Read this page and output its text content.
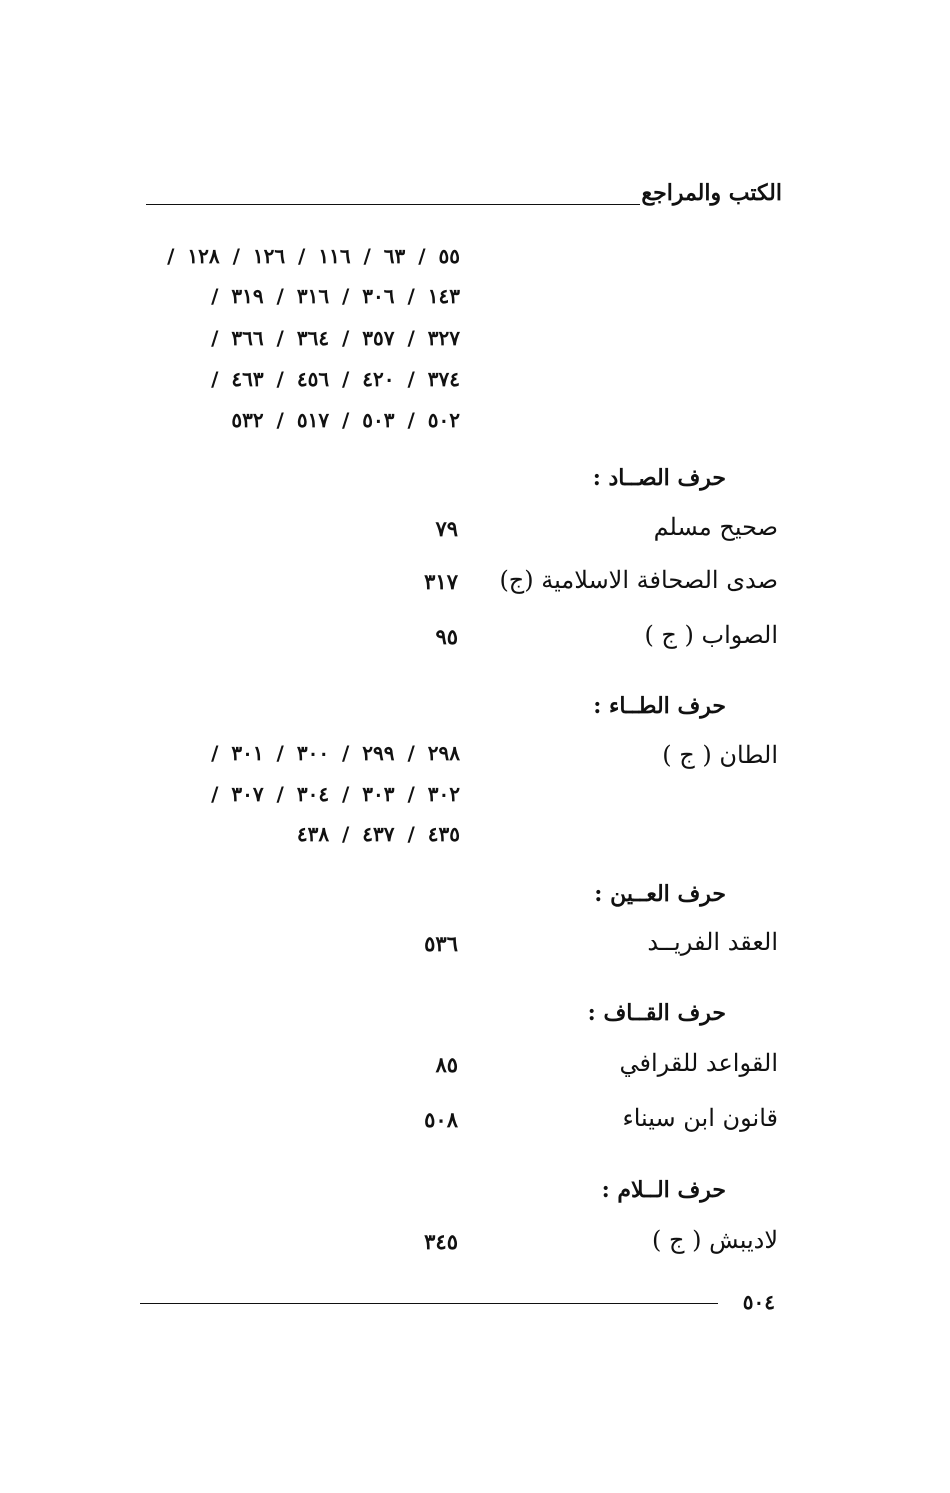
الكتب والمراجع
٥٥ / ٦٣ / ١١٦ / ١٢٦ / ١٢٨ /
١٤٣ / ٣٠٦ / ٣١٦ / ٣١٩ /
٣٢٧ / ٣٥٧ / ٣٦٤ / ٣٦٦ /
٣٧٤ / ٤٢٠ / ٤٥٦ / ٤٦٣ /
٥٠٢ / ٥٠٣ / ٥١٧ / ٥٣٢
حرف الصــاد :
صحيح مسلم
٧٩
صدى الصحافة الاسلامية (ج)
٣١٧
الصواب ( ج )
٩٥
حرف الطــاء :
الطان ( ج )
٢٩٨ / ٢٩٩ / ٣٠٠ / ٣٠١ /
٣٠٢ / ٣٠٣ / ٣٠٤ / ٣٠٧ /
٤٣٥ / ٤٣٧ / ٤٣٨
حرف العــين :
العقد الفريــد
٥٣٦
حرف القــاف :
القواعد للقرافي
٨٥
قانون ابن سيناء
٥٠٨
حرف الــلام :
لاديبش ( ج )
٣٤٥
٥٠٤
